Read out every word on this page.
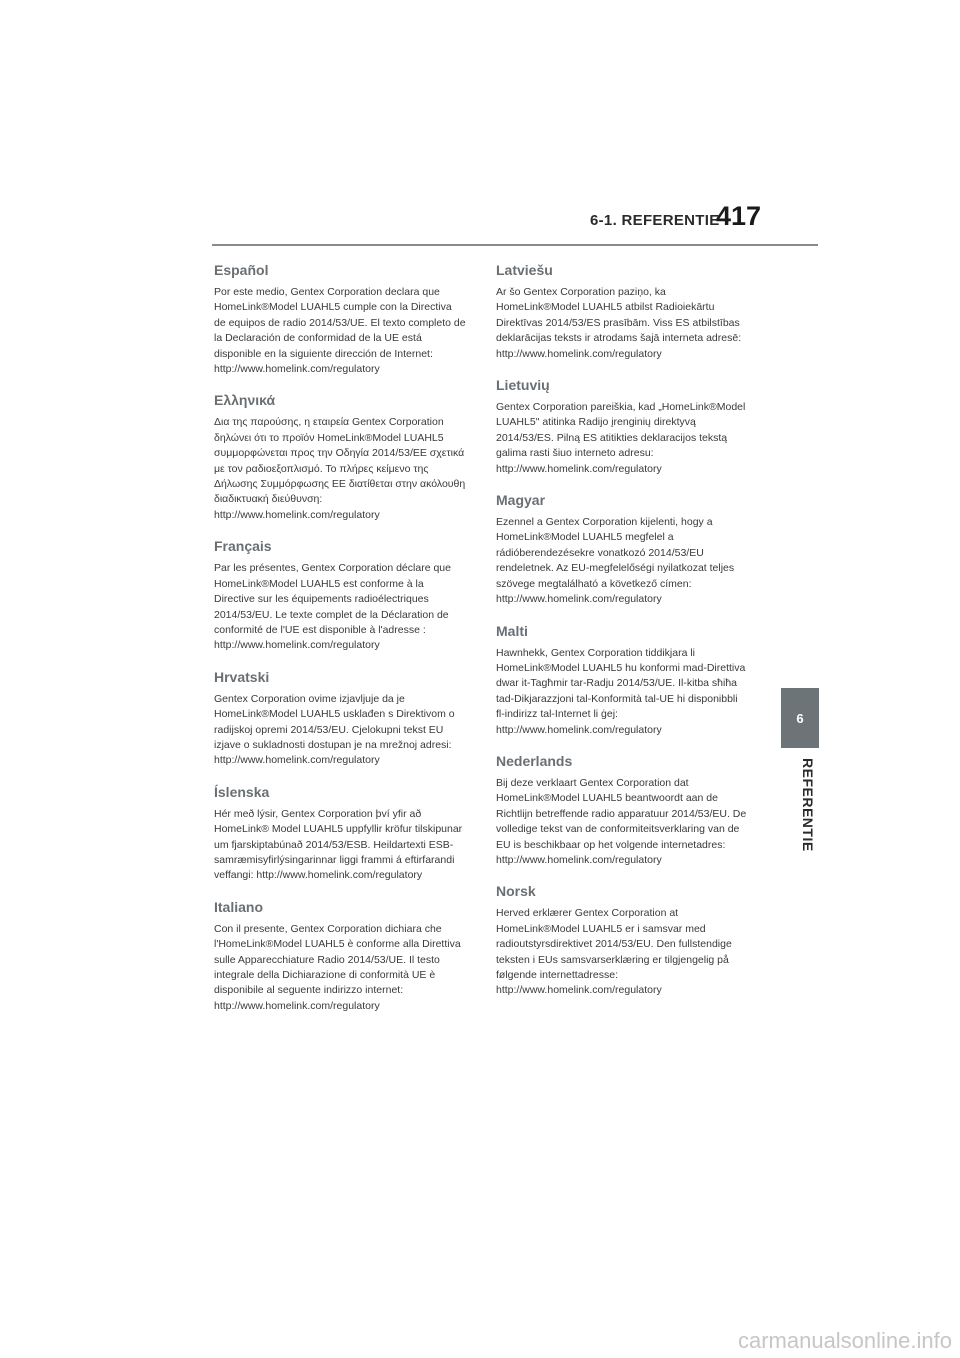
6-1. REFERENTIE
417
6
REFERENTIE
Español

Por este medio, Gentex Corporation declara que HomeLink®Model LUAHL5 cumple con la Directiva de equipos de radio 2014/53/UE. El texto completo de la Declaración de conformidad de la UE está disponible en la siguiente dirección de Internet: http://www.homelink.com/regulatory

Ελληνικά

Δια της παρούσης, η εταιρεία Gentex Corporation δηλώνει ότι το προϊόν HomeLink®Model LUAHL5 συμμορφώνεται προς την Οδηγία 2014/53/ΕΕ σχετικά με τον ραδιοεξοπλισμό. Το πλήρες κείμενο της Δήλωσης Συμμόρφωσης ΕΕ διατίθεται στην ακόλουθη διαδικτυακή διεύθυνση: http://www.homelink.com/regulatory

Français

Par les présentes, Gentex Corporation déclare que HomeLink®Model LUAHL5 est conforme à la Directive sur les équipements radioélectriques 2014/53/EU. Le texte complet de la Déclaration de conformité de l'UE est disponible à l'adresse : http://www.homelink.com/regulatory

Hrvatski

Gentex Corporation ovime izjavljuje da je HomeLink®Model LUAHL5 usklađen s Direktivom o radijskoj opremi 2014/53/EU. Cjelokupni tekst EU izjave o sukladnosti dostupan je na mrežnoj adresi: http://www.homelink.com/regulatory

Íslenska

Hér með lýsir, Gentex Corporation því yfir að HomeLink® Model LUAHL5 uppfyllir kröfur tilskipunar um fjarskiptabúnað 2014/53/ESB. Heildartexti ESB-samræmisyfirlýsingarinnar liggi frammi á eftirfarandi veffangi: http://www.homelink.com/regulatory

Italiano

Con il presente, Gentex Corporation dichiara che l'HomeLink®Model LUAHL5 è conforme alla Direttiva sulle Apparecchiature Radio 2014/53/UE. Il testo integrale della Dichiarazione di conformità UE è disponibile al seguente indirizzo internet: http://www.homelink.com/regulatory

Latviešu

Ar šo Gentex Corporation paziņo, ka HomeLink®Model LUAHL5 atbilst Radioiekārtu Direktīvas 2014/53/ES prasībām. Viss ES atbilstības deklarācijas teksts ir atrodams šajā interneta adresē: http://www.homelink.com/regulatory

Lietuvių

Gentex Corporation pareiškia, kad „HomeLink®Model LUAHL5" atitinka Radijo įrenginių direktyvą 2014/53/ES. Pilną ES atitikties deklaracijos tekstą galima rasti šiuo interneto adresu: http://www.homelink.com/regulatory

Magyar

Ezennel a Gentex Corporation kijelenti, hogy a HomeLink®Model LUAHL5 megfelel a rádióberendezésekre vonatkozó 2014/53/EU rendeletnek. Az EU-megfelelőségi nyilatkozat teljes szövege megtalálható a következő címen: http://www.homelink.com/regulatory

Malti

Hawnhekk, Gentex Corporation tiddikjara li HomeLink®Model LUAHL5 hu konformi mad-Direttiva dwar it-Tagħmir tar-Radju 2014/53/UE. Il-kitba sħiħa tad-Dikjarazzjoni tal-Konformità tal-UE hi disponibbli fl-indirizz tal-Internet li ġej: http://www.homelink.com/regulatory

Nederlands

Bij deze verklaart Gentex Corporation dat HomeLink®Model LUAHL5 beantwoordt aan de Richtlijn betreffende radio apparatuur 2014/53/EU. De volledige tekst van de conformiteitsverklaring van de EU is beschikbaar op het volgende internetadres: http://www.homelink.com/regulatory

Norsk

Herved erklærer Gentex Corporation at HomeLink®Model LUAHL5 er i samsvar med radioutstyrsdirektivet 2014/53/EU. Den fullstendige teksten i EUs samsvarserklæring er tilgjengelig på følgende internettadresse: http://www.homelink.com/regulatory

carmanualsonline.info
